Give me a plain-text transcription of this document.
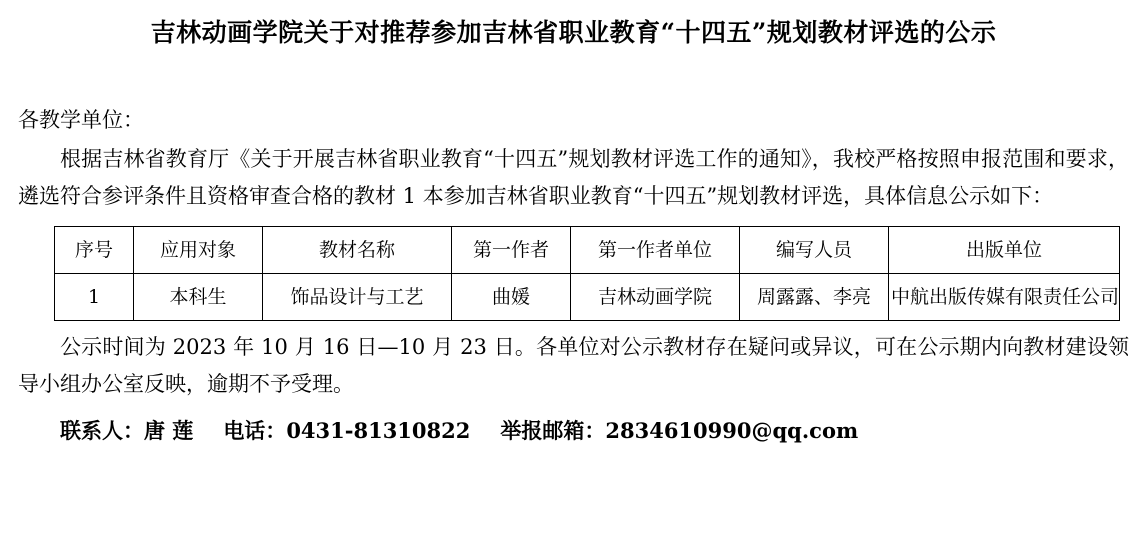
吉林动画学院关于对推荐参加吉林省职业教育“十四五”规划教材评选的公示
各教学单位：

根据吉林省教育厅《关于开展吉林省职业教育“十四五”规划教材评选工作的通知》，我校严格按照申报范围和要求，遴选符合参评条件且资格审查合格的教材 1 本参加吉林省职业教育“十四五”规划教材评选，具体信息公示如下：

序号	应用对象	教材名称	第一作者	第一作者单位	编写人员	出版单位
1	本科生	饰品设计与工艺	曲媛	吉林动画学院	周露露、李亮	中航出版传媒有限责任公司

公示时间为 2023 年 10 月 16 日—10 月 23 日。各单位对公示教材存在疑问或异议，可在公示期内向教材建设领导小组办公室反映，逾期不予受理。

联系人：唐 莲 电话：0431-81310822 举报邮箱：2834610990@qq.com
